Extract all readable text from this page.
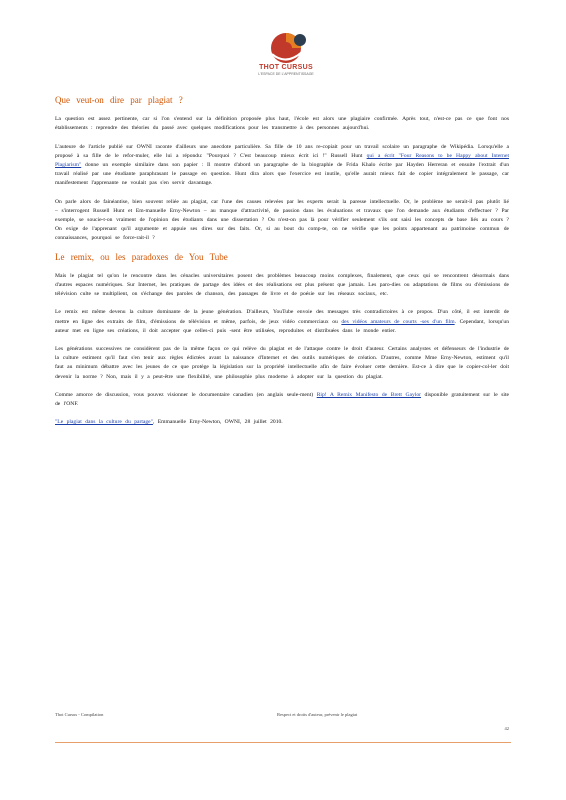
THOT CURSUS
L'ESPACE DE L'APPRENTISSAGE
Que veut-on dire par plagiat ?

La question est assez pertinente, car si l'on s'entend sur la définition proposée plus haut, l'école est alors une plagiaire confirmée. Après tout, n'est-ce pas ce que font nos établissements : reprendre des théories du passé avec quelques modifications pour les transmettre à des personnes aujourd'hui.

L'auteure de l'article publié sur OWNI raconte d'ailleurs une anecdote particulière. Sa fille de 10 ans re-copiait pour un travail scolaire un paragraphe de Wikipédia. Lorsqu'elle a proposé à sa fille de le refor-muler, elle lui a répondu: "Pourquoi ? C'est beaucoup mieux écrit ici !" Russell Hunt qui a écrit "Four Reasons to be Happy about Internet Plagiarism" donne un exemple similaire dans son papier : Il montre d'abord un paragraphe de la biographie de Frida Khalo écrite par Hayden Herreran et ensuite l'extrait d'un travail réalisé par une étudiante paraphrasant le passage en question. Hunt dira alors que l'exercice est inutile, qu'elle aurait mieux fait de copier intégralement le passage, car manifestement l'apprenante ne voulait pas s'en servir davantage.

On parle alors de fainéantise, bien souvent reliée au plagiat, car l'une des causes relevées par les experts serait la paresse intellectuelle. Or, le problème ne serait-il pas plutôt lié – s'interrogent Russell Hunt et Em-manuelle Erny-Newton – au manque d'attractivité, de passion dans les évaluations et travaux que l'on demande aux étudiants d'effectuer ? Par exemple, se soucie-t-on vraiment de l'opinion des étudiants dans une dissertation ? Ou n'est-on pas là pour vérifier seulement s'ils ont saisi les concepts de base liés au cours ? On exige de l'apprenant qu'il argumente et appuie ses dires sur des faits. Or, si au bout du comp-te, on ne vérifie que les points appartenant au patrimoine commun de connaissances, pourquoi se force-rait-il ?

Le remix, ou les paradoxes de You Tube

Mais le plagiat tel qu'on le rencontre dans les cénacles universitaires posent des problèmes beaucoup moins complexes, finalement, que ceux qui se rencontrent désormais dans d'autres espaces numériques. Sur Internet, les pratiques de partage des idées et des réalisations est plus présent que jamais. Les paro-dies ou adaptations de films ou d'émissions de télévision culte se multiplient, on s'échange des paroles de chanson, des passages de livre et de poésie sur les réseaux sociaux, etc.

Le remix est même devenu la culture dominante de la jeune génération. D'ailleurs, YouTube envoie des messages très contradictoires à ce propos. D'un côté, il est interdit de mettre en ligne des extraits de film, d'émissions de télévision et même, parfois, de jeux vidéo commerciaux ou des vidéos amateurs de courts -ses d'un film. Cependant, lorsqu'un auteur met en ligne ses créations, il doit accepter que celles-ci puis -sent être utilisées, reproduites et distribuées dans le monde entier.

Les générations successives ne considèrent pas de la même façon ce qui relève du plagiat et de l'attaque contre le droit d'auteur. Certains analystes et défenseurs de l'industrie de la culture estiment qu'il faut s'en tenir aux règles édictées avant la naissance d'Internet et des outils numériques de création. D'autres, comme Mme Erny-Newton, estiment qu'il faut au minimum débattre avec les jeunes de ce que protège la législation sur la propriété intellectuelle afin de faire évoluer cette dernière. Est-ce à dire que le copier-col-ler doit devenir la norme ? Non, mais il y a peut-être une flexibilité, une philosophie plus moderne à adopter sur la question du plagiat.

Comme amorce de discussion, vous pouvez visionner le documentaire canadien (en anglais seule-ment) Rip! A Remix Manifesto de Brett Gaylor disponible gratuitement sur le site de l'ONF.

"Le plagiat dans la culture du partage", Emmanuelle Erny-Newton, OWNI, 28 juillet 2010.

Thot Cursus - Compilation	Respect et droits d'auteur, prévenir le plagiat
42
